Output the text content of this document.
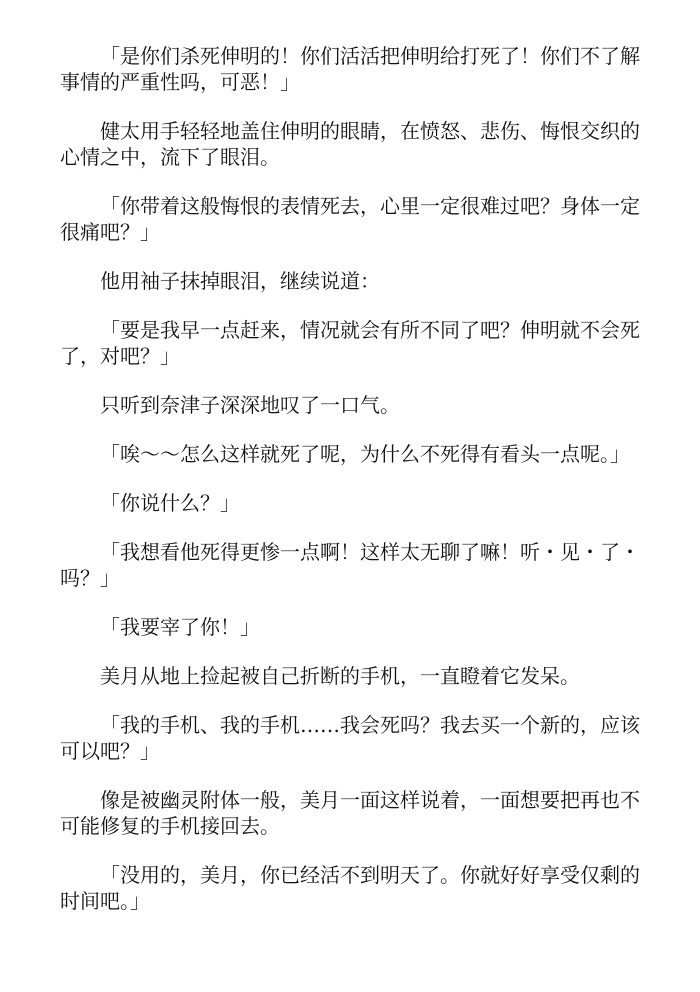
「是你们杀死伸明的！你们活活把伸明给打死了！你们不了解事情的严重性吗，可恶！」

健太用手轻轻地盖住伸明的眼睛，在愤怒、悲伤、悔恨交织的心情之中，流下了眼泪。

「你带着这般悔恨的表情死去，心里一定很难过吧？身体一定很痛吧？」

他用袖子抹掉眼泪，继续说道：

「要是我早一点赶来，情况就会有所不同了吧？伸明就不会死了，对吧？」

只听到奈津子深深地叹了一口气。

「唉～～怎么这样就死了呢，为什么不死得有看头一点呢。」

「你说什么？」

「我想看他死得更惨一点啊！这样太无聊了嘛！听・见・了・吗？」

「我要宰了你！」

美月从地上捡起被自己折断的手机，一直瞪着它发呆。

「我的手机、我的手机……我会死吗？我去买一个新的，应该可以吧？」

像是被幽灵附体一般，美月一面这样说着，一面想要把再也不可能修复的手机接回去。

「没用的，美月，你已经活不到明天了。你就好好享受仅剩的时间吧。」
